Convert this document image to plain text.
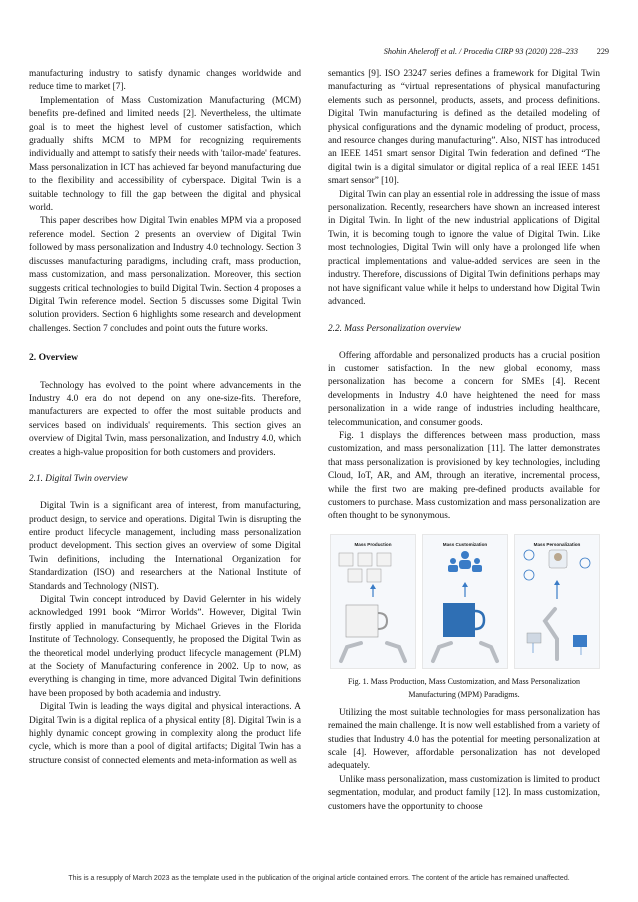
Shohin Aheleroff et al. / Procedia CIRP 93 (2020) 228–233 229

manufacturing industry to satisfy dynamic changes worldwide and reduce time to market [7].

Implementation of Mass Customization Manufacturing (MCM) benefits pre-defined and limited needs [2]. Nevertheless, the ultimate goal is to meet the highest level of customer satisfaction, which gradually shifts MCM to MPM for recognizing requirements individually and attempt to satisfy their needs with 'tailor-made' features. Mass personalization in ICT has achieved far beyond manufacturing due to the flexibility and accessibility of cyberspace. Digital Twin is a suitable technology to fill the gap between the digital and physical world.

This paper describes how Digital Twin enables MPM via a proposed reference model. Section 2 presents an overview of Digital Twin followed by mass personalization and Industry 4.0 technology. Section 3 discusses manufacturing paradigms, including craft, mass production, mass customization, and mass personalization. Moreover, this section suggests critical technologies to build Digital Twin. Section 4 proposes a Digital Twin reference model. Section 5 discusses some Digital Twin solution providers. Section 6 highlights some research and development challenges. Section 7 concludes and point outs the future works.

2. Overview

Technology has evolved to the point where advancements in the Industry 4.0 era do not depend on any one-size-fits. Therefore, manufacturers are expected to offer the most suitable products and services based on individuals' requirements. This section gives an overview of Digital Twin, mass personalization, and Industry 4.0, which creates a high-value proposition for both customers and providers.

2.1. Digital Twin overview

Digital Twin is a significant area of interest, from manufacturing, product design, to service and operations. Digital Twin is disrupting the entire product lifecycle management, including mass personalization product development. This section gives an overview of some Digital Twin definitions, including the International Organization for Standardization (ISO) and researchers at the National Institute of Standards and Technology (NIST).

Digital Twin concept introduced by David Gelernter in his widely acknowledged 1991 book “Mirror Worlds”. However, Digital Twin firstly applied in manufacturing by Michael Grieves in the Florida Institute of Technology. Consequently, he proposed the Digital Twin as the theoretical model underlying product lifecycle management (PLM) at the Society of Manufacturing conference in 2002. Up to now, as everything is changing in time, more advanced Digital Twin definitions have been proposed by both academia and industry.

Digital Twin is leading the ways digital and physical interactions. A Digital Twin is a digital replica of a physical entity [8]. Digital Twin is a highly dynamic concept growing in complexity along the product life cycle, which is more than a pool of digital artifacts; Digital Twin has a structure consist of connected elements and meta-information as well as

semantics [9]. ISO 23247 series defines a framework for Digital Twin manufacturing as “virtual representations of physical manufacturing elements such as personnel, products, assets, and process definitions. Digital Twin manufacturing is defined as the detailed modeling of physical configurations and the dynamic modeling of product, process, and resource changes during manufacturing”. Also, NIST has introduced an IEEE 1451 smart sensor Digital Twin federation and defined “The digital twin is a digital simulator or digital replica of a real IEEE 1451 smart sensor” [10].

Digital Twin can play an essential role in addressing the issue of mass personalization. Recently, researchers have shown an increased interest in Digital Twin. In light of the new industrial applications of Digital Twin, it is becoming tough to ignore the value of Digital Twin. Like most technologies, Digital Twin will only have a prolonged life when practical implementations and value-added services are seen in the industry. Therefore, discussions of Digital Twin definitions perhaps may not have significant value while it helps to understand how Digital Twin advanced.

2.2. Mass Personalization overview

Offering affordable and personalized products has a crucial position in customer satisfaction. In the new global economy, mass personalization has become a concern for SMEs [4]. Recent developments in Industry 4.0 have heightened the need for mass personalization in a wide range of industries including healthcare, telecommunication, and consumer goods.

Fig. 1 displays the differences between mass production, mass customization, and mass personalization [11]. The latter demonstrates that mass personalization is provisioned by key technologies, including Cloud, IoT, AR, and AM, through an iterative, incremental process, while the first two are making pre-defined products available for customers to purchase. Mass customization and mass personalization are often thought to be synonymous.

Mass Production	Mass Customization	Mass Personalization
Fig. 1. Mass Production, Mass Customization, and Mass Personalization
Manufacturing (MPM) Paradigms.

Utilizing the most suitable technologies for mass personalization has remained the main challenge. It is now well established from a variety of studies that Industry 4.0 has the potential for meeting personalization at scale [4]. However, affordable personalization has not developed adequately.

Unlike mass personalization, mass customization is limited to product segmentation, modular, and product family [12]. In mass customization, customers have the opportunity to choose

This is a resupply of March 2023 as the template used in the publication of the original article contained errors. The content of the article has remained unaffected.
